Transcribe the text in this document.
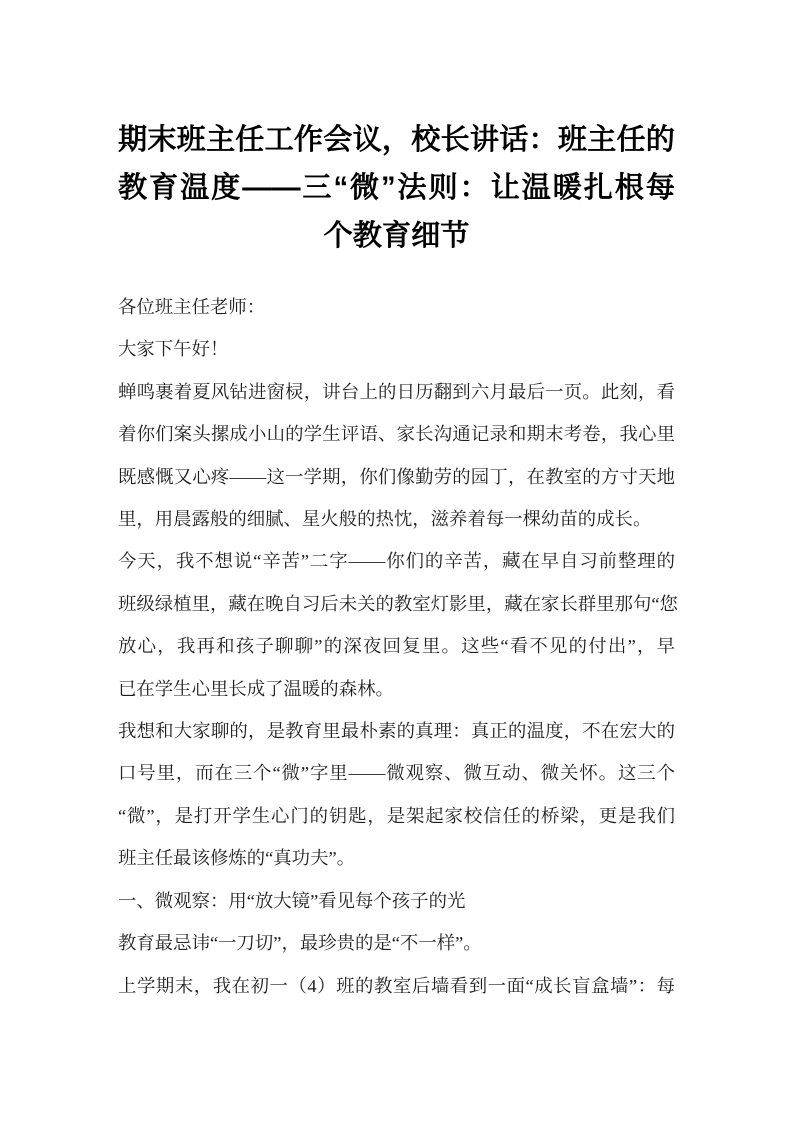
期末班主任工作会议，校长讲话：班主任的
教育温度——三“微”法则：让温暖扎根每
个教育细节
各位班主任老师：
大家下午好！
蝉鸣裹着夏风钻进窗棂，讲台上的日历翻到六月最后一页。此刻，看
着你们案头摞成小山的学生评语、家长沟通记录和期末考卷，我心里
既感慨又心疼——这一学期，你们像勤劳的园丁，在教室的方寸天地
里，用晨露般的细腻、星火般的热忱，滋养着每一棵幼苗的成长。
今天，我不想说“辛苦”二字——你们的辛苦，藏在早自习前整理的
班级绿植里，藏在晚自习后未关的教室灯影里，藏在家长群里那句“您
放心，我再和孩子聊聊”的深夜回复里。这些“看不见的付出”，早
已在学生心里长成了温暖的森林。
我想和大家聊的，是教育里最朴素的真理：真正的温度，不在宏大的
口号里，而在三个“微”字里——微观察、微互动、微关怀。这三个
“微”，是打开学生心门的钥匙，是架起家校信任的桥梁，更是我们
班主任最该修炼的“真功夫”。
一、微观察：用“放大镜”看见每个孩子的光
教育最忌讳“一刀切”，最珍贵的是“不一样”。
上学期末，我在初一（4）班的教室后墙看到一面“成长盲盒墙”：每
